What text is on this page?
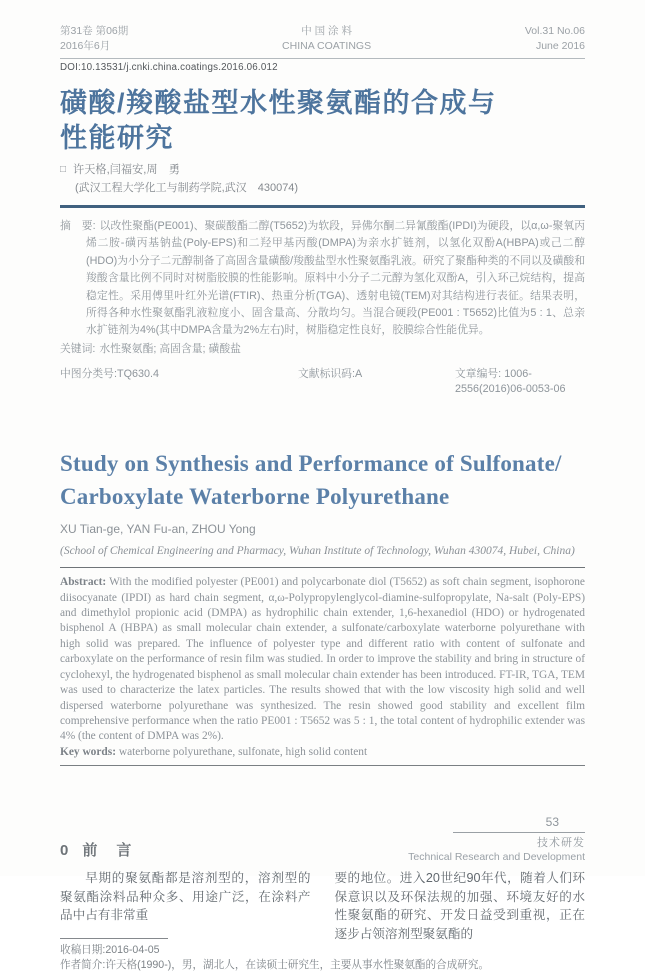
第31卷 第06期
2016年6月
中 国 涂 料
CHINA COATINGS
Vol.31 No.06
June 2016
DOI:10.13531/j.cnki.china.coatings.2016.06.012
磺酸/羧酸盐型水性聚氨酯的合成与
性能研究
□ 许天格,闫福安,周　勇
(武汉工程大学化工与制药学院,武汉　430074)

摘　要: 以改性聚酯(PE001)、聚碳酸酯二醇(T5652)为软段，异佛尔酮二异氰酸酯(IPDI)为硬段，以α,ω-聚氧丙烯二胺-磺丙基钠盐(Poly-EPS)和二羟甲基丙酸(DMPA)为亲水扩链剂，以氢化双酚A(HBPA)或己二醇(HDO)为小分子二元醇制备了高固含量磺酸/羧酸盐型水性聚氨酯乳液。研究了聚酯种类的不同以及磺酸和羧酸含量比例不同时对树脂胶膜的性能影响。原料中小分子二元醇为氢化双酚A，引入环己烷结构，提高稳定性。采用傅里叶红外光谱(FTIR)、热重分析(TGA)、透射电镜(TEM)对其结构进行表征。结果表明，所得各种水性聚氨酯乳液粒度小、固含量高、分散均匀。当混合硬段(PE001 : T5652)比值为5 : 1、总亲水扩链剂为4%(其中DMPA含量为2%左右)时，树脂稳定性良好，胶膜综合性能优异。

关键词: 水性聚氨酯; 高固含量; 磺酸盐

中图分类号:TQ630.4	文献标识码:A	文章编号: 1006-2556(2016)06-0053-06
Study on Synthesis and Performance of Sulfonate/
Carboxylate Waterborne Polyurethane
XU Tian-ge, YAN Fu-an, ZHOU Yong
(School of Chemical Engineering and Pharmacy, Wuhan Institute of Technology, Wuhan 430074, Hubei, China)

Abstract: With the modified polyester (PE001) and polycarbonate diol (T5652) as soft chain segment, isophorone diisocyanate (IPDI) as hard chain segment, α,ω-Polypropylenglycol-diamine-sulfopropylate, Na-salt (Poly-EPS) and dimethylol propionic acid (DMPA) as hydrophilic chain extender, 1,6-hexanediol (HDO) or hydrogenated bisphenol A (HBPA) as small molecular chain extender, a sulfonate/carboxylate waterborne polyurethane with high solid was prepared. The influence of polyester type and different ratio with content of sulfonate and carboxylate on the performance of resin film was studied. In order to improve the stability and bring in structure of cyclohexyl, the hydrogenated bisphenol as small molecular chain extender has been introduced. FT-IR, TGA, TEM was used to characterize the latex particles. The results showed that with the low viscosity high solid and well dispersed waterborne polyurethane was synthesized. The resin showed good stability and excellent film comprehensive performance when the ratio PE001 : T5652 was 5 : 1, the total content of hydrophilic extender was 4% (the content of DMPA was 2%).

Key words: waterborne polyurethane, sulfonate, high solid content

0 前　言

早期的聚氨酯都是溶剂型的，溶剂型的聚氨酯涂料品种众多、用途广泛，在涂料产品中占有非常重

收稿日期:2016-04-05

要的地位。进入20世纪90年代，随着人们环保意识以及环保法规的加强、环境友好的水性聚氨酯的研究、开发日益受到重视，正在逐步占领溶剂型聚氨酯的

作者简介:许天格(1990-)，男，湖北人，在读硕士研究生，主要从事水性聚氨酯的合成研究。

53
技术研发
Technical Research and Development
